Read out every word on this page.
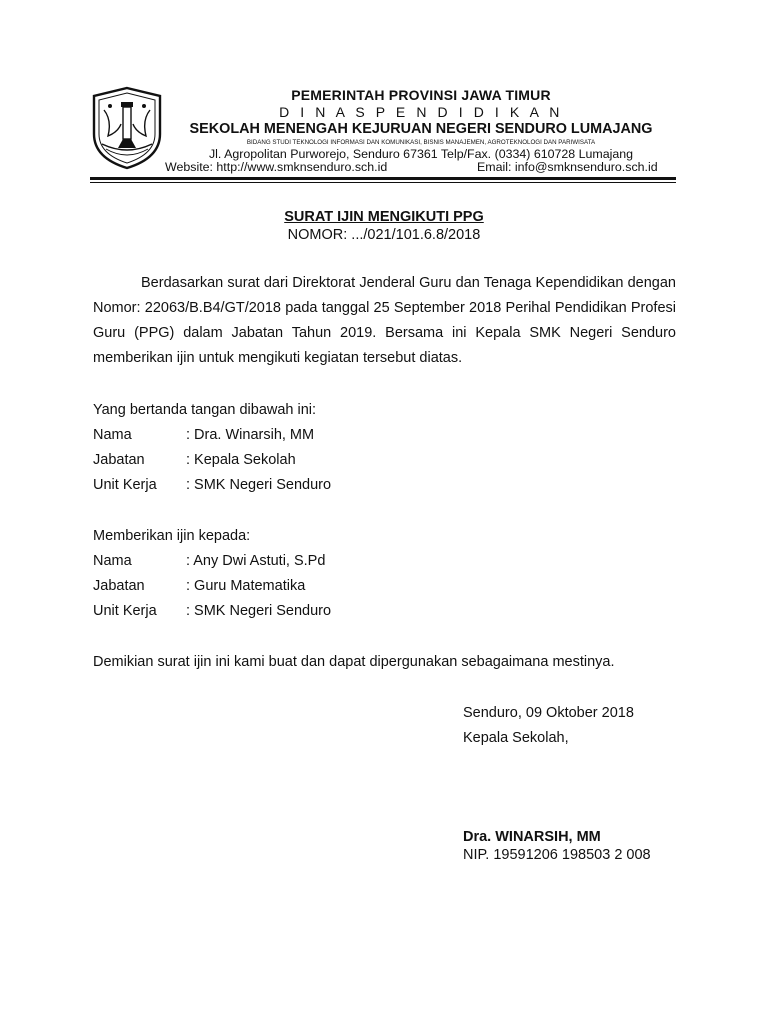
PEMERINTAH PROVINSI JAWA TIMUR
D I N A S P E N D I D I K A N
SEKOLAH MENENGAH KEJURUAN NEGERI SENDURO LUMAJANG
BIDANG STUDI TEKNOLOGI INFORMASI DAN KOMUNIKASI, BISNIS MANAJEMEN, AGROTEKNOLOGI DAN PARIWISATA
Jl. Agropolitan Purworejo, Senduro 67361 Telp/Fax. (0334) 610728 Lumajang
Website: http://www.smknsenduro.sch.id	Email: info@smknsenduro.sch.id
SURAT IJIN MENGIKUTI PPG
NOMOR: .../021/101.6.8/2018
Berdasarkan surat dari Direktorat Jenderal Guru dan Tenaga Kependidikan dengan Nomor: 22063/B.B4/GT/2018 pada tanggal 25 September 2018 Perihal Pendidikan Profesi Guru (PPG) dalam Jabatan Tahun 2019. Bersama ini Kepala SMK Negeri Senduro memberikan ijin untuk mengikuti kegiatan tersebut diatas.
Yang bertanda tangan dibawah ini:
Nama	: Dra. Winarsih, MM
Jabatan	: Kepala Sekolah
Unit Kerja : SMK Negeri Senduro
Memberikan ijin kepada:
Nama	: Any Dwi Astuti, S.Pd
Jabatan	: Guru Matematika
Unit Kerja : SMK Negeri Senduro
Demikian surat ijin ini kami buat dan dapat dipergunakan sebagaimana mestinya.
Senduro, 09 Oktober 2018
Kepala Sekolah,
Dra. WINARSIH, MM
NIP. 19591206 198503 2 008
